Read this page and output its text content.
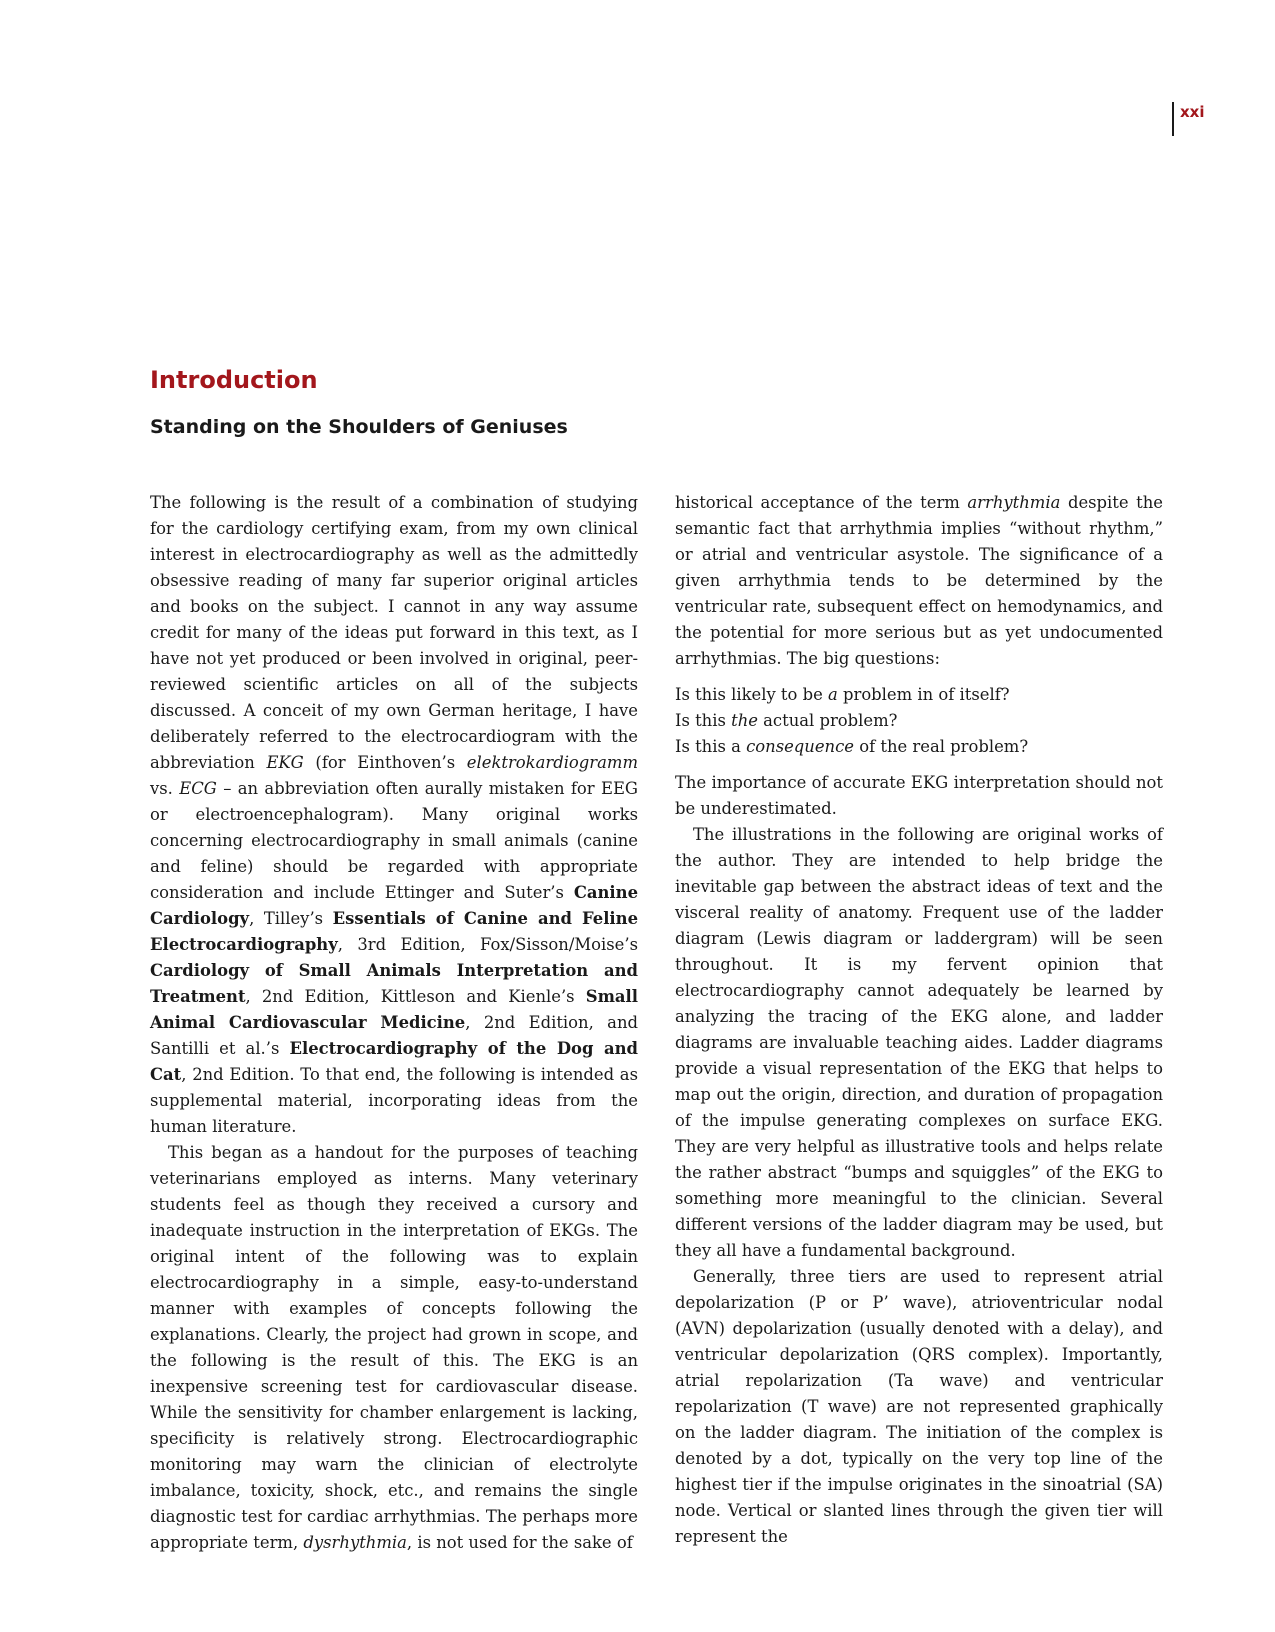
xxi
Introduction
Standing on the Shoulders of Geniuses

The following is the result of a combination of studying for the cardiology certifying exam, from my own clinical interest in electrocardiography as well as the admittedly obsessive reading of many far superior original articles and books on the subject. I cannot in any way assume credit for many of the ideas put forward in this text, as I have not yet produced or been involved in original, peer-reviewed scientific articles on all of the subjects discussed. A conceit of my own German heritage, I have deliberately referred to the electrocardiogram with the abbreviation EKG (for Einthoven’s elektrokardiogramm vs. ECG – an abbreviation often aurally mistaken for EEG or electroencephalogram). Many original works concerning electrocardiography in small animals (canine and feline) should be regarded with appropriate consideration and include Ettinger and Suter’s Canine Cardiology, Tilley’s Essentials of Canine and Feline Electrocardiography, 3rd Edition, Fox/Sisson/Moise’s Cardiology of Small Animals Interpretation and Treatment, 2nd Edition, Kittleson and Kienle’s Small Animal Cardiovascular Medicine, 2nd Edition, and Santilli et al.’s Electrocardiography of the Dog and Cat, 2nd Edition. To that end, the following is intended as supplemental material, incorporating ideas from the human literature.

This began as a handout for the purposes of teaching veterinarians employed as interns. Many veterinary students feel as though they received a cursory and inadequate instruction in the interpretation of EKGs. The original intent of the following was to explain electrocardiography in a simple, easy-to-understand manner with examples of concepts following the explanations. Clearly, the project had grown in scope, and the following is the result of this. The EKG is an inexpensive screening test for cardiovascular disease. While the sensitivity for chamber enlargement is lacking, specificity is relatively strong. Electrocardiographic monitoring may warn the clinician of electrolyte imbalance, toxicity, shock, etc., and remains the single diagnostic test for cardiac arrhythmias. The perhaps more appropriate term, dysrhythmia, is not used for the sake of

historical acceptance of the term arrhythmia despite the semantic fact that arrhythmia implies “without rhythm,” or atrial and ventricular asystole. The significance of a given arrhythmia tends to be determined by the ventricular rate, subsequent effect on hemodynamics, and the potential for more serious but as yet undocumented arrhythmias. The big questions:

Is this likely to be a problem in of itself?
Is this the actual problem?
Is this a consequence of the real problem?

The importance of accurate EKG interpretation should not be underestimated.

The illustrations in the following are original works of the author. They are intended to help bridge the inevitable gap between the abstract ideas of text and the visceral reality of anatomy. Frequent use of the ladder diagram (Lewis diagram or laddergram) will be seen throughout. It is my fervent opinion that electrocardiography cannot adequately be learned by analyzing the tracing of the EKG alone, and ladder diagrams are invaluable teaching aides. Ladder diagrams provide a visual representation of the EKG that helps to map out the origin, direction, and duration of propagation of the impulse generating complexes on surface EKG. They are very helpful as illustrative tools and helps relate the rather abstract “bumps and squiggles” of the EKG to something more meaningful to the clinician. Several different versions of the ladder diagram may be used, but they all have a fundamental background.

Generally, three tiers are used to represent atrial depolarization (P or P’ wave), atrioventricular nodal (AVN) depolarization (usually denoted with a delay), and ventricular depolarization (QRS complex). Importantly, atrial repolarization (Ta wave) and ventricular repolarization (T wave) are not represented graphically on the ladder diagram. The initiation of the complex is denoted by a dot, typically on the very top line of the highest tier if the impulse originates in the sinoatrial (SA) node. Vertical or slanted lines through the given tier will represent the
